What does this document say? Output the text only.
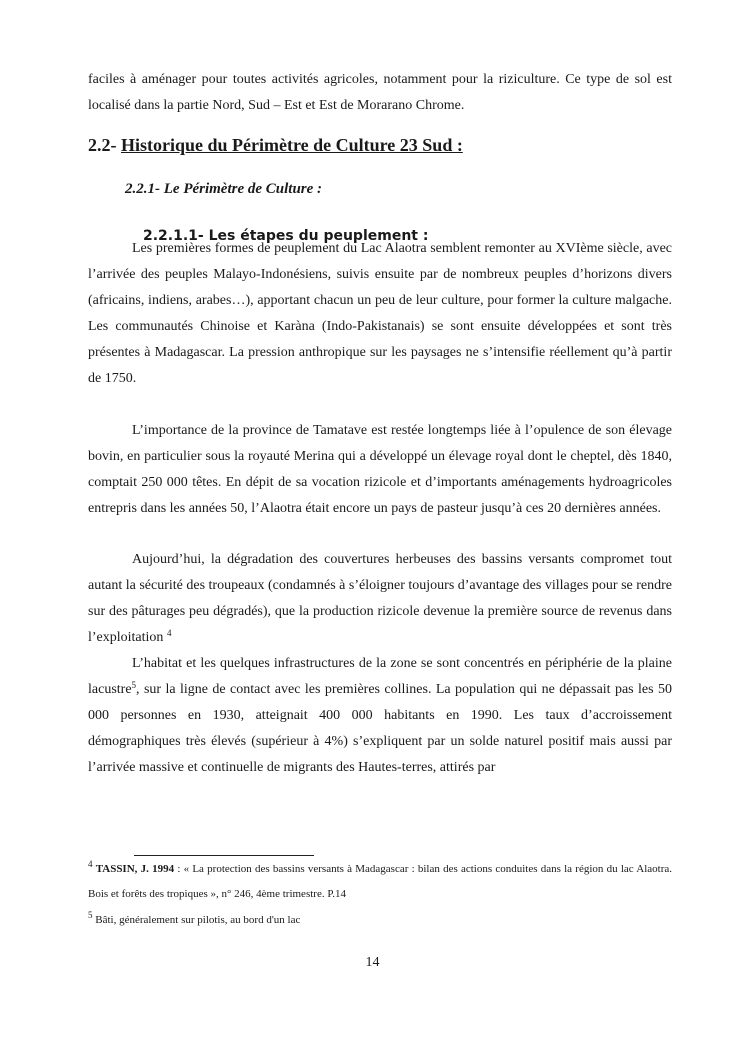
faciles à aménager pour toutes activités agricoles, notamment pour la riziculture. Ce type de sol est localisé dans la partie Nord, Sud – Est et Est de Morarano Chrome.

2.2- Historique du Périmètre de Culture 23 Sud :
2.2.1- Le Périmètre de Culture :
2.2.1.1- Les étapes du peuplement :

Les premières formes de peuplement du Lac Alaotra semblent remonter au XVIème siècle, avec l’arrivée des peuples Malayo-Indonésiens, suivis ensuite par de nombreux peuples d’horizons divers (africains, indiens, arabes…), apportant chacun un peu de leur culture, pour former la culture malgache. Les communautés Chinoise et Karàna (Indo-Pakistanais) se sont ensuite développées et sont très présentes à Madagascar. La pression anthropique sur les paysages ne s’intensifie réellement qu’à partir de 1750.

L’importance de la province de Tamatave est restée longtemps liée à l’opulence de son élevage bovin, en particulier sous la royauté Merina qui a développé un élevage royal dont le cheptel, dès 1840, comptait 250 000 têtes. En dépit de sa vocation rizicole et d’importants aménagements hydroagricoles entrepris dans les années 50, l’Alaotra était encore un pays de pasteur jusqu’à ces 20 dernières années.

Aujourd’hui, la dégradation des couvertures herbeuses des bassins versants compromet tout autant la sécurité des troupeaux (condamnés à s’éloigner toujours d’avantage des villages pour se rendre sur des pâturages peu dégradés), que la production rizicole devenue la première source de revenus dans l’exploitation $^4$

L’habitat et les quelques infrastructures de la zone se sont concentrés en périphérie de la plaine lacustre$^5$, sur la ligne de contact avec les premières collines. La population qui ne dépassait pas les 50 000 personnes en 1930, atteignait 400 000 habitants en 1990. Les taux d’accroissement démographiques très élevés (supérieur à 4%) s’expliquent par un solde naturel positif mais aussi par l’arrivée massive et continuelle de migrants des Hautes-terres, attirés par

$^4$ TASSIN, J. 1994 : « La protection des bassins versants à Madagascar : bilan des actions conduites dans la région du lac Alaotra. Bois et forêts des tropiques », n° 246, 4ème trimestre. P.14

$^5$ Bâti, généralement sur pilotis, au bord d'un lac

14
